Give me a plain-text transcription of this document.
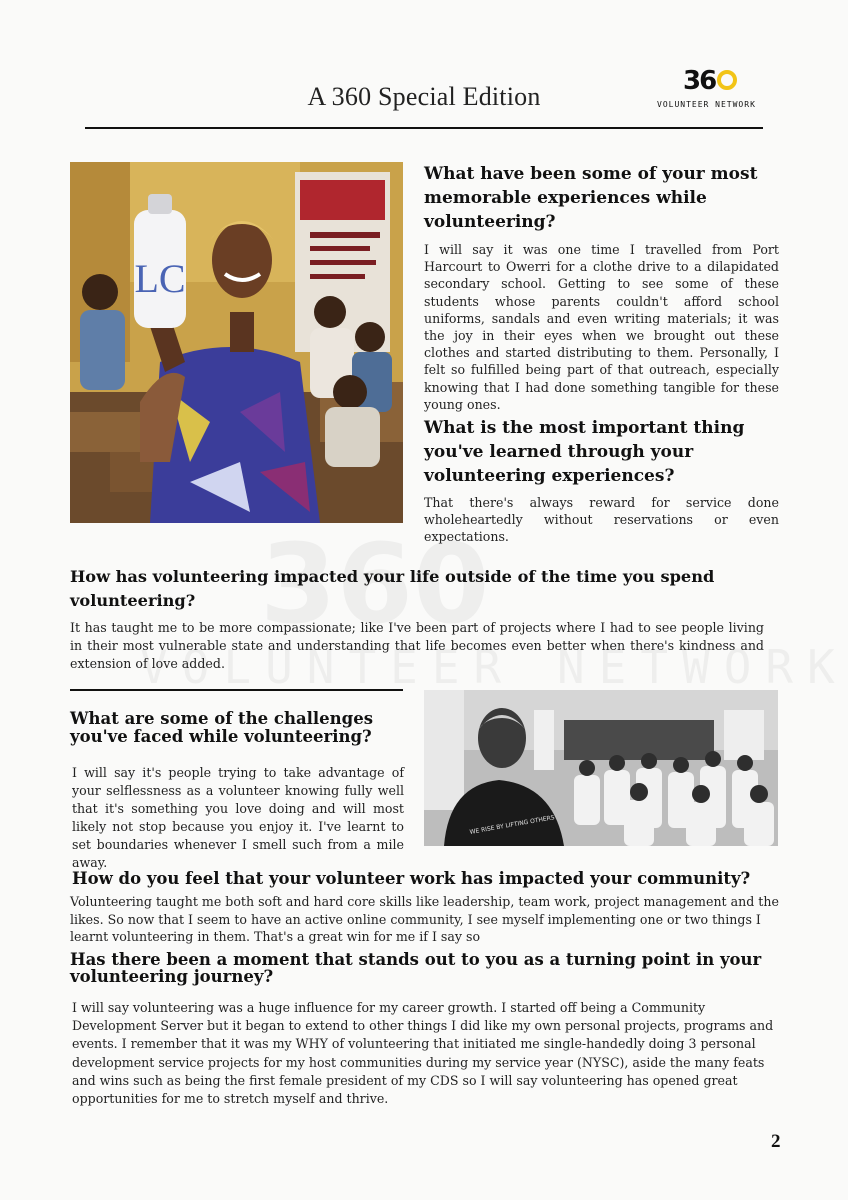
A 360 Special Edition
36
VOLUNTEER NETWORK
LC
What have been some of your most memorable experiences while volunteering?

I will say it was one time I travelled from Port Harcourt to Owerri for a clothe drive to a dilapidated secondary school. Getting to see some of these students whose parents couldn't afford school uniforms, sandals and even writing materials; it was the joy in their eyes when we brought out these clothes and started distributing to them. Personally, I felt so fulfilled being part of that outreach, especially knowing that I had done something tangible for these young ones.

What is the most important thing you've learned through your volunteering experiences?

That there's always reward for service done wholeheartedly without reservations or even expectations.

How has volunteering impacted your life outside of the time you spend volunteering?

It has taught me to be more compassionate; like I've been part of projects where I had to see people living in their most vulnerable state and understanding that life becomes even better when there's kindness and extension of love added.

What are some of the challenges you've faced while volunteering?

I will say it's people trying to take advantage of your selflessness as a volunteer knowing fully well that it's something you love doing and will most likely not stop because you enjoy it. I've learnt to set boundaries whenever I smell such from a mile away.

WE RISE BY LIFTING OTHERS
How do you feel that your volunteer work has impacted your community?

Volunteering taught me both soft and hard core skills like leadership, team work, project management and the likes. So now that I seem to have an active online community, I see myself implementing one or two things I learnt volunteering in them. That's a great win for me if I say so

Has there been a moment that stands out to you as a turning point in your volunteering journey?

I will say volunteering was a huge influence for my career growth. I started off being a Community Development Server but it began to extend to other things I did like my own personal projects, programs and events. I remember that it was my WHY of volunteering that initiated me single-handedly doing 3 personal development service projects for my host communities during my service year (NYSC), aside the many feats and wins such as being the first female president of my CDS so I will say volunteering has opened great opportunities for me to stretch myself and thrive.

2
